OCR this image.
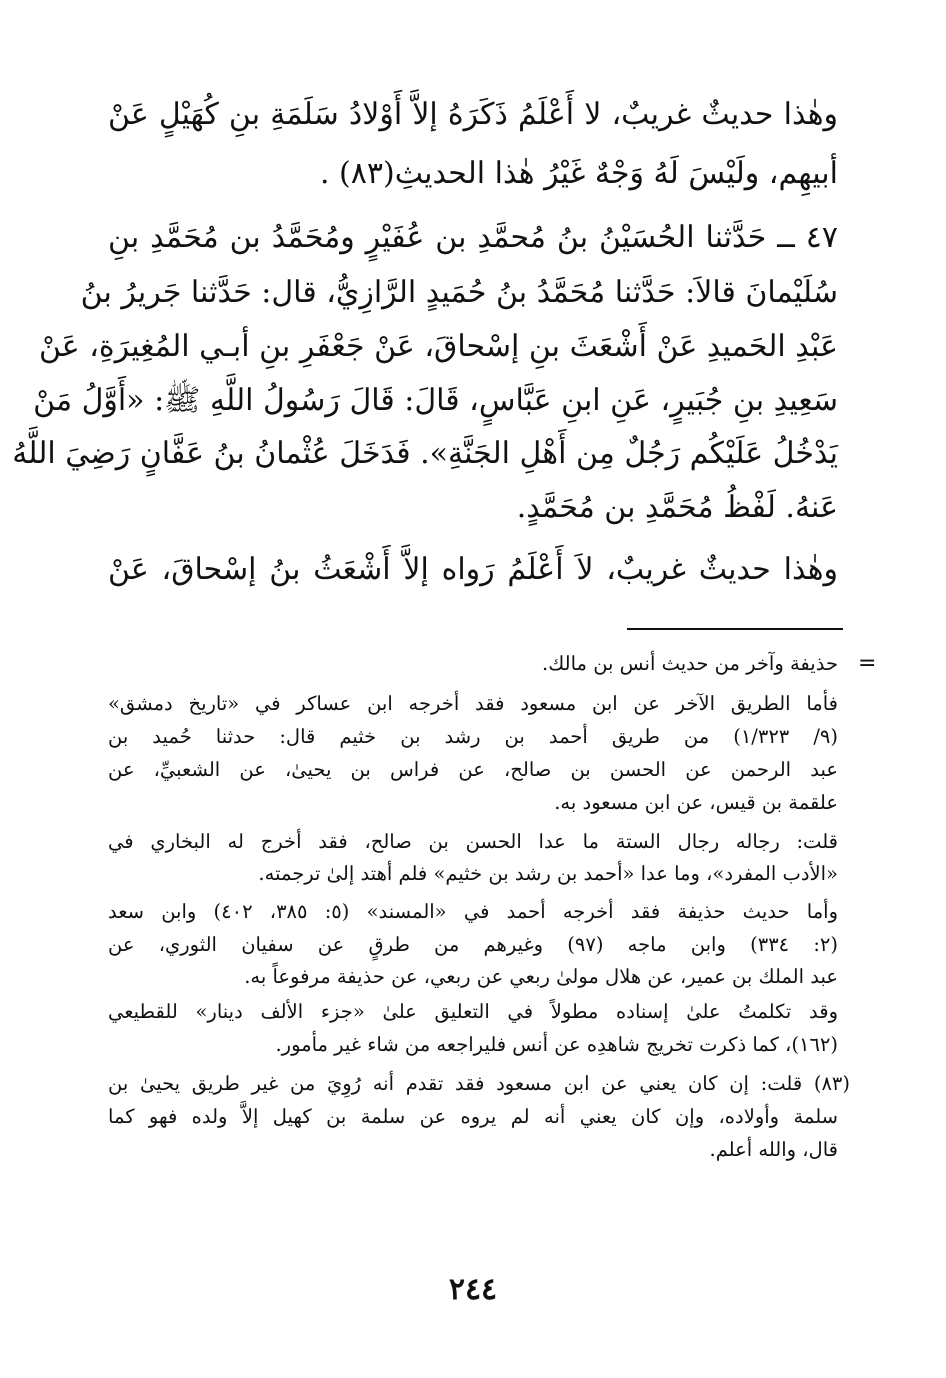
وهٰذا حديثٌ غريبٌ، لا أَعْلَمُ ذَكَرَهُ إلاَّ أَوْلادُ سَلَمَةِ بنِ كُهَيْلٍ عَنْ
أبيهِم، ولَيْسَ لَهُ وَجْهٌ غَيْرُ هٰذا الحديثِ(٨٣) .
٤٧ ــ حَدَّثنا الحُسَيْنُ بنُ مُحمَّدِ بن عُفَيْرٍ ومُحَمَّدُ بن مُحَمَّدِ بنِ
سُلَيْمانَ قالاَ: حَدَّثنا مُحَمَّدُ بنُ حُمَيدٍ الرَّازِيُّ، قال: حَدَّثنا جَريرُ بنُ
عَبْدِ الحَميدِ عَنْ أَشْعَثَ بنِ إسْحاقَ، عَنْ جَعْفَرِ بنِ أبـي المُغِيرَةِ، عَنْ
سَعِيدِ بنِ جُبَيرٍ، عَنِ ابنِ عَبَّاسٍ، قَالَ: قَالَ رَسُولُ اللَّهِ ﷺ: «أَوَّلُ مَنْ
يَدْخُلُ عَلَيْكُم رَجُلٌ مِن أَهْلِ الجَنَّةِ». فَدَخَلَ عُثْمانُ بنُ عَفَّانٍ رَضِيَ اللَّهُ
عَنهُ. لَفْظُ مُحَمَّدِ بن مُحَمَّدٍ.
وهٰذا حديثٌ غريبٌ، لاَ أَعْلَمُ رَواه إلاَّ أَشْعَثُ بنُ إسْحاقَ، عَنْ
=
حذيفة وآخر من حديث أنس بن مالك.
فأما الطريق الآخر عن ابن مسعود فقد أخرجه ابن عساكر في «تاريخ دمشق»
(٩/ ١/٣٢٣) من طريق أحمد بن رشد بن خثيم قال: حدثنا حُميد بن
عبد الرحمن عن الحسن بن صالح، عن فراس بن يحيىٰ، عن الشعبيِّ، عن
علقمة بن قيس، عن ابن مسعود به.
قلت: رجاله رجال الستة ما عدا الحسن بن صالح، فقد أخرج له البخاري في
«الأدب المفرد»، وما عدا «أحمد بن رشد بن خثيم» فلم أهتد إلىٰ ترجمته.
وأما حديث حذيفة فقد أخرجه أحمد في «المسند» (٥: ٣٨٥، ٤٠٢) وابن سعد
(٢: ٣٣٤) وابن ماجه (٩٧) وغيرهم من طرقٍ عن سفيان الثوري، عن
عبد الملك بن عمير، عن هلال مولىٰ ربعي عن ربعي، عن حذيفة مرفوعاً به.
وقد تكلمتُ علىٰ إسناده مطولاً في التعليق علىٰ «جزء الألف دينار» للقطيعي
(١٦٢)، كما ذكرت تخريج شاهدِه عن أنس فليراجعه من شاء غير مأمور.
(٨٣) قلت: إن كان يعني عن ابن مسعود فقد تقدم أنه رُوِيَ من غير طريق يحيىٰ بن
سلمة وأولاده، وإن كان يعني أنه لم يروه عن سلمة بن كهيل إلاَّ ولده فهو كما
قال، والله أعلم.
٢٤٤
